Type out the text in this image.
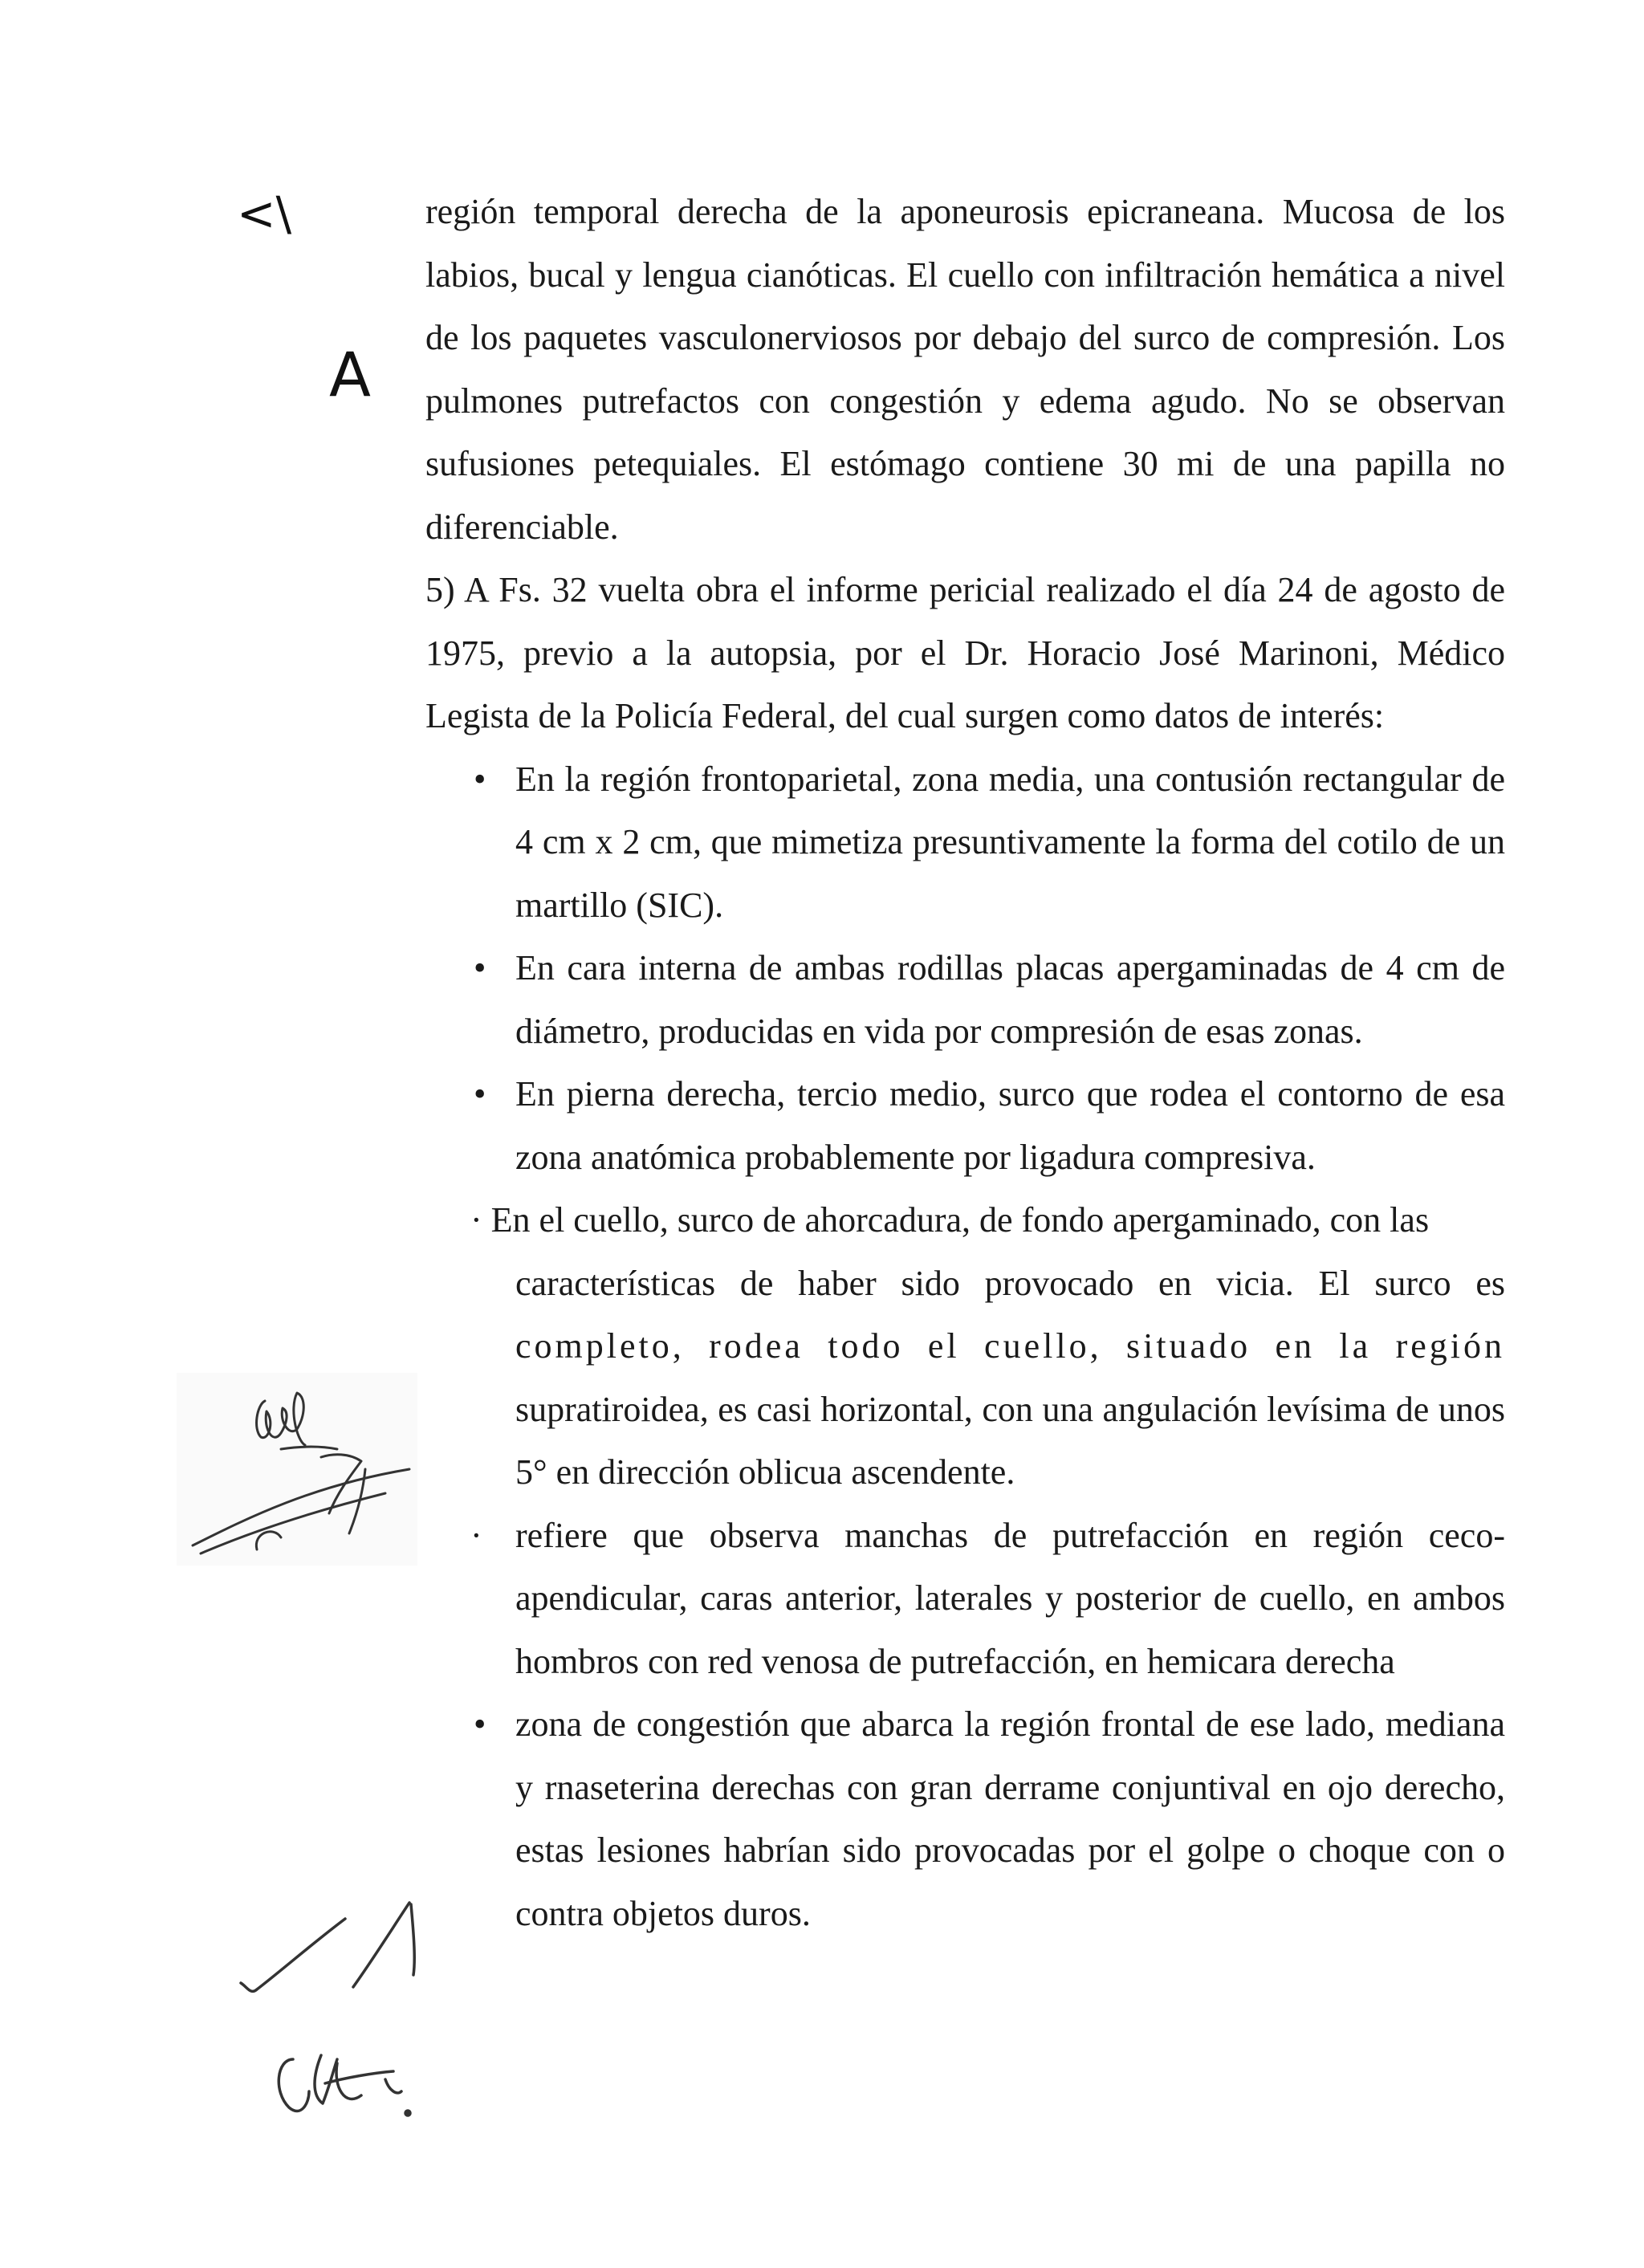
<\
A

región temporal derecha de la aponeurosis epicraneana. Mucosa de los labios, bucal y lengua cianóticas. El cuello con infiltración hemática a nivel de los paquetes vasculonerviosos por debajo del surco de compresión. Los pulmones putrefactos con congestión y edema agudo. No se observan sufusiones petequiales. El estómago contiene 30 mi de una papilla no diferenciable.

5) A Fs. 32 vuelta obra el informe pericial realizado el día 24 de agosto de 1975, previo a la autopsia, por el Dr. Horacio José Marinoni, Médico Legista de la Policía Federal, del cual surgen como datos de interés:

• En la región frontoparietal, zona media, una contusión rectangular de 4 cm x 2 cm, que mimetiza presuntivamente la forma del cotilo de un martillo (SIC).
• En cara interna de ambas rodillas placas apergaminadas de 4 cm de diámetro, producidas en vida por compresión de esas zonas.
• En pierna derecha, tercio medio, surco que rodea el contorno de esa zona anatómica probablemente por ligadura compresiva.
· En el cuello, surco de ahorcadura, de fondo apergaminado, con las
características de haber sido provocado en vicia. El surco es
completo, rodea todo el cuello, situado en la región
supratiroidea, es casi horizontal, con una angulación levísima de unos 5° en dirección oblicua ascendente.
· refiere que observa manchas de putrefacción en región ceco-apendicular, caras anterior, laterales y posterior de cuello, en ambos hombros con red venosa de putrefacción, en hemicara derecha
• zona de congestión que abarca la región frontal de ese lado, mediana y rnaseterina derechas con gran derrame conjuntival en ojo derecho, estas lesiones habrían sido provocadas por el golpe o choque con o contra objetos duros.
